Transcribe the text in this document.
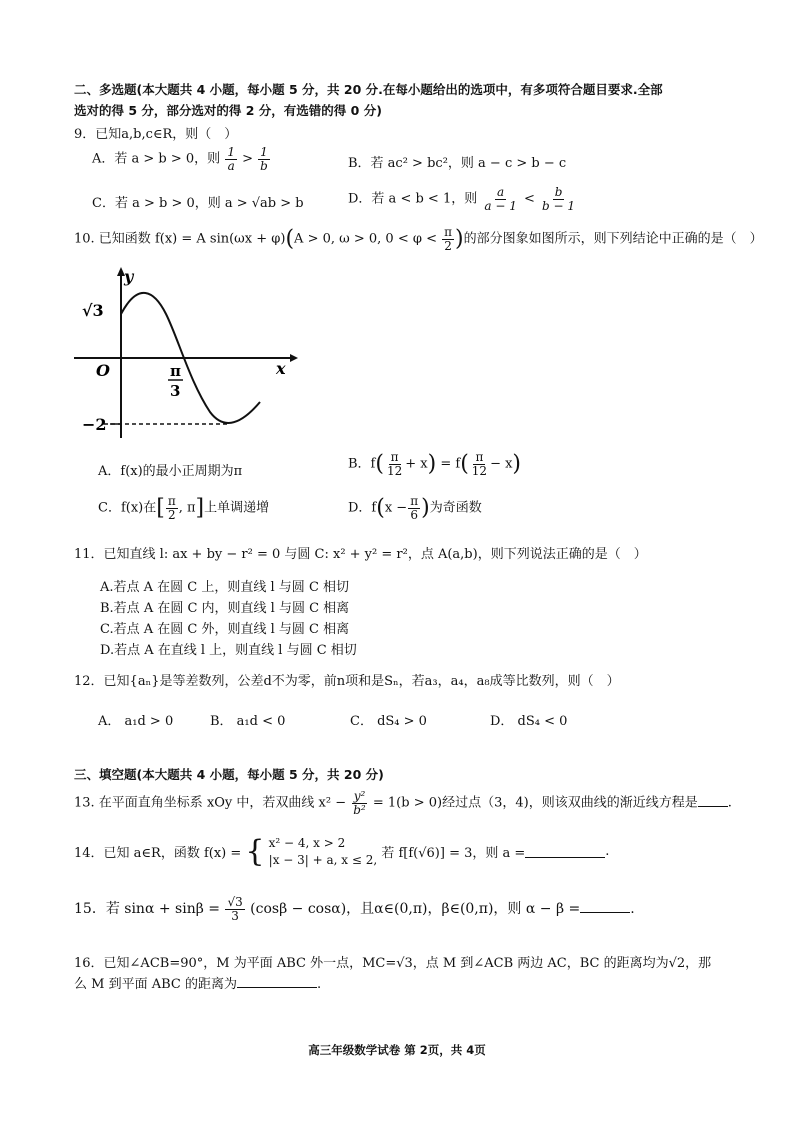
二、多选题(本大题共 4 小题，每小题 5 分，共 20 分.在每小题给出的选项中，有多项符合题目要求.全部
选对的得 5 分，部分选对的得 2 分，有选错的得 0 分)
9．已知a,b,c∈R，则（　）
A．若 a > b > 0，则 $\frac{1}{a} > \frac{1}{b}$	B．若 ac² > bc²，则 a − c > b − c
C．若 a > b > 0，则 a > √ab > b	D．若 a < b < 1，则 $\frac{a}{a - 1} < \frac{b}{b - 1}$
10. 已知函数 f(x) = A sin(ωx + φ)(A > 0, ω > 0, $0 < \varphi < \frac{\pi}{2}$ )的部分图象如图所示，则下列结论中正确的是（　）
y
x
O
√3
−2
π
3
A．f(x)的最小正周期为π	B．$f( \frac{\pi}{12} + x) = f( \frac{\pi}{12} - x)$
C．f(x)在[ $\frac{\pi}{2}$ , π]上单调递增	D．$f(x - \frac{\pi}{6}$ )为奇函数
11．已知直线 l: ax + by − r² = 0 与圆 C: x² + y² = r²，点 A(a,b)，则下列说法正确的是（　）
A.若点 A 在圆 C 上，则直线 l 与圆 C 相切
B.若点 A 在圆 C 内，则直线 l 与圆 C 相离
C.若点 A 在圆 C 外，则直线 l 与圆 C 相离
D.若点 A 在直线 l 上，则直线 l 与圆 C 相切
12．已知{aₙ}是等差数列，公差d不为零，前n项和是Sₙ，若a₃，a₄，a₈成等比数列，则（　）
A． a₁d > 0	B． a₁d < 0	C． dS₄ > 0	D． dS₄ < 0
三、填空题(本大题共 4 小题，每小题 5 分，共 20 分)
13. 在平面直角坐标系 xOy 中，若双曲线 $x^2 - \frac{\text{y²}}{\text{b²}} = 1(b > 0)$经过点（3，4)，则该双曲线的渐近线方程是 .
14．已知 a∈R，函数 f(x) = { x² − 4, x > 2
|x − 3| + a, x ≤ 2, 若 f[f(√6)] = 3，则 a =	.
15．若 $\sin\alpha + \sin\beta = \frac{√3}{3} (\cos\beta - \cos\alpha)$，且α∈(0,π)，β∈(0,π)，则 α − β =	.
16．已知∠ACB=90°，M 为平面 ABC 外一点，MC=√3，点 M 到∠ACB 两边 AC，BC 的距离均为√2，那
么 M 到平面 ABC 的距离为	.
高三年级数学试卷 第 2页，共 4页
